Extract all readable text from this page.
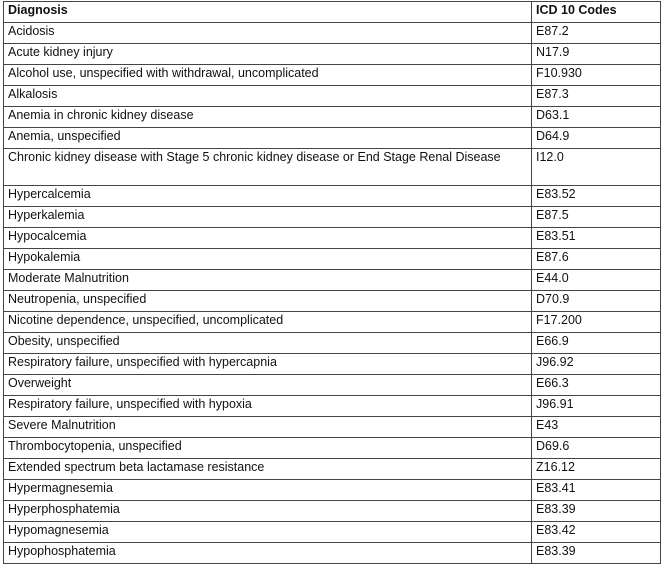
Diagnosis	ICD 10 Codes
Acidosis	E87.2
Acute kidney injury	N17.9
Alcohol use, unspecified with withdrawal, uncomplicated	F10.930
Alkalosis	E87.3
Anemia in chronic kidney disease	D63.1
Anemia, unspecified	D64.9
Chronic kidney disease with Stage 5 chronic kidney disease or End Stage Renal Disease	I12.0
Hypercalcemia	E83.52
Hyperkalemia	E87.5
Hypocalcemia	E83.51
Hypokalemia	E87.6
Moderate Malnutrition	E44.0
Neutropenia, unspecified	D70.9
Nicotine dependence, unspecified, uncomplicated	F17.200
Obesity, unspecified	E66.9
Respiratory failure, unspecified with hypercapnia	J96.92
Overweight	E66.3
Respiratory failure, unspecified with hypoxia	J96.91
Severe Malnutrition	E43
Thrombocytopenia, unspecified	D69.6
Extended spectrum beta lactamase resistance	Z16.12
Hypermagnesemia	E83.41
Hyperphosphatemia	E83.39
Hypomagnesemia	E83.42
Hypophosphatemia	E83.39
